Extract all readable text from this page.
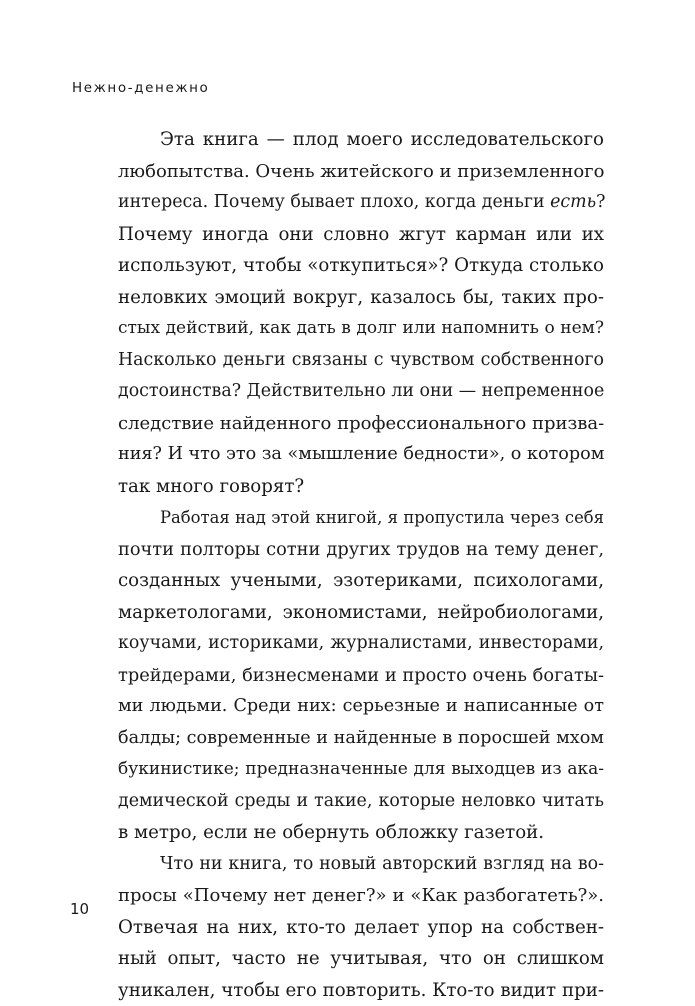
Нежно-денежно
Эта книга — плод моего исследовательского
любопытства. Очень житейского и приземленного
интереса. Почему бывает плохо, когда деньги есть?
Почему иногда они словно жгут карман или их
используют, чтобы «откупиться»? Откуда столько
неловких эмоций вокруг, казалось бы, таких про-
стых действий, как дать в долг или напомнить о нем?
Насколько деньги связаны с чувством собственного
достоинства? Действительно ли они — непременное
следствие найденного профессионального призва-
ния? И что это за «мышление бедности», о котором
так много говорят?
Работая над этой книгой, я пропустила через себя
почти полторы сотни других трудов на тему денег,
созданных учеными, эзотериками, психологами,
маркетологами, экономистами, нейробиологами,
коучами, историками, журналистами, инвесторами,
трейдерами, бизнесменами и просто очень богаты-
ми людьми. Среди них: серьезные и написанные от
балды; современные и найденные в поросшей мхом
букинистике; предназначенные для выходцев из ака-
демической среды и такие, которые неловко читать
в метро, если не обернуть обложку газетой.
Что ни книга, то новый авторский взгляд на во-
просы «Почему нет денег?» и «Как разбогатеть?».
Отвечая на них, кто-то делает упор на собствен-
ный опыт, часто не учитывая, что он слишком
уникален, чтобы его повторить. Кто-то видит при-
10
